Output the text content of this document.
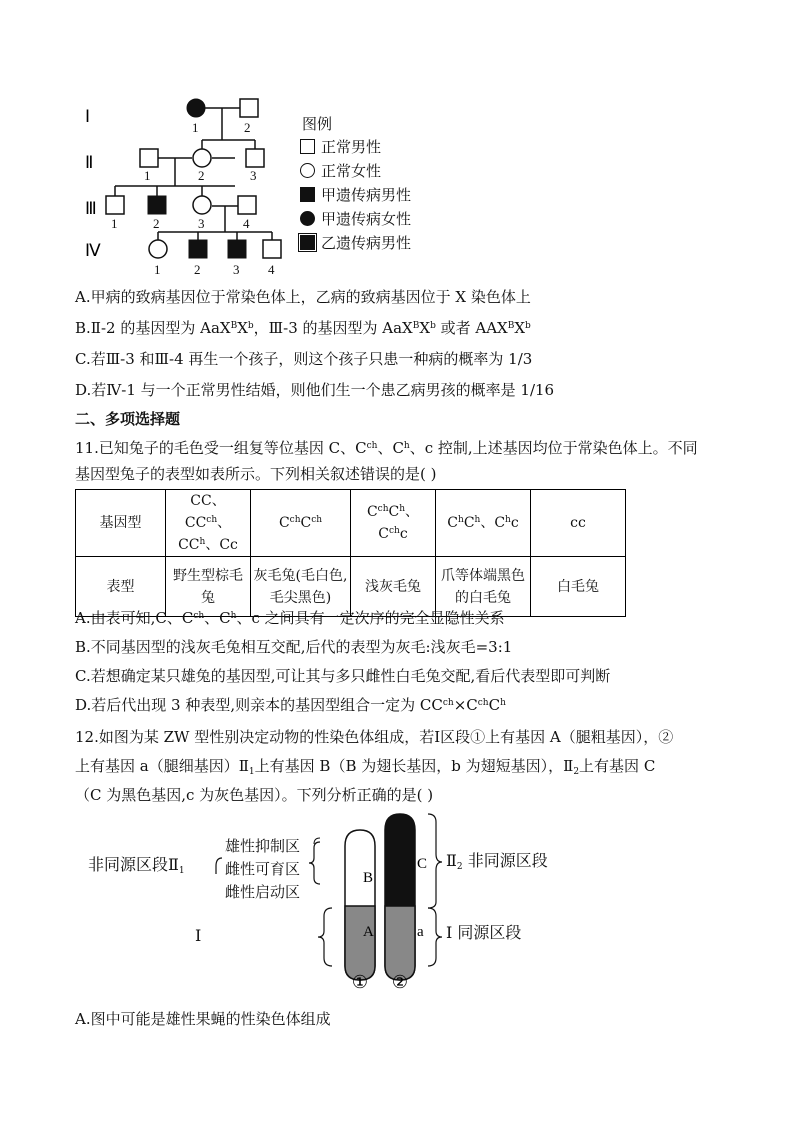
Ⅰ
Ⅱ
Ⅲ
Ⅳ
1	2
1	2	3
1	2	3	4
1	2	3 4
图例
正常男性
正常女性
甲遗传病男性
甲遗传病女性
乙遗传病男性
A.甲病的致病基因位于常染色体上，乙病的致病基因位于 X 染色体上
B.Ⅱ-2 的基因型为 $AaX^BX^b$，Ⅲ-3 的基因型为 $AaX^BX^b$ 或者 $AAX^BX^b$
C.若Ⅲ-3 和Ⅲ-4 再生一个孩子，则这个孩子只患一种病的概率为 1/3
D.若Ⅳ-1 与一个正常男性结婚，则他们生一个患乙病男孩的概率是 1/16
二、多项选择题
11.已知兔子的毛色受一组复等位基因 C、$C^{ch}$、$C^h$、c 控制,上述基因均位于常染色体上。不同
基因型兔子的表型如表所示。下列相关叙述错误的是( )
基因型	CC、$CC^{ch}$、
$CC^h$、Cc	$C^{ch}C^{ch}$	$C^{ch}C^h$、$C^{ch}c$	$C^hC^h$、$C^hc$	cc
表型	野生型棕毛兔	灰毛兔(毛白色,毛尖黑色)	浅灰毛兔	爪等体端黑色的白毛兔	白毛兔
A.由表可知,C、$C^{ch}$、$C^h$、c 之间具有一定次序的完全显隐性关系
B.不同基因型的浅灰毛兔相互交配,后代的表型为灰毛:浅灰毛=3:1
C.若想确定某只雄兔的基因型,可让其与多只雌性白毛兔交配,看后代表型即可判断
D.若后代出现 3 种表型,则亲本的基因型组合一定为 $CC^{ch}\times C^{ch}C^h$
12.如图为某 ZW 型性别决定动物的性染色体组成，若Ⅰ区段①上有基因 A（腿粗基因），②
上有基因 a（腿细基因）$Ⅱ_1$上有基因 B（B 为翅长基因，b 为翅短基因），$Ⅱ_2$上有基因 C
（C 为黑色基因,c 为灰色基因）。下列分析正确的是( )
① ②
B
A
C
a
非同源区段$Ⅱ_1$
雄性抑制区
雌性可育区
雌性启动区
Ⅰ
$Ⅱ_2$ 非同源区段
Ⅰ 同源区段
A.图中可能是雄性果蝇的性染色体组成
